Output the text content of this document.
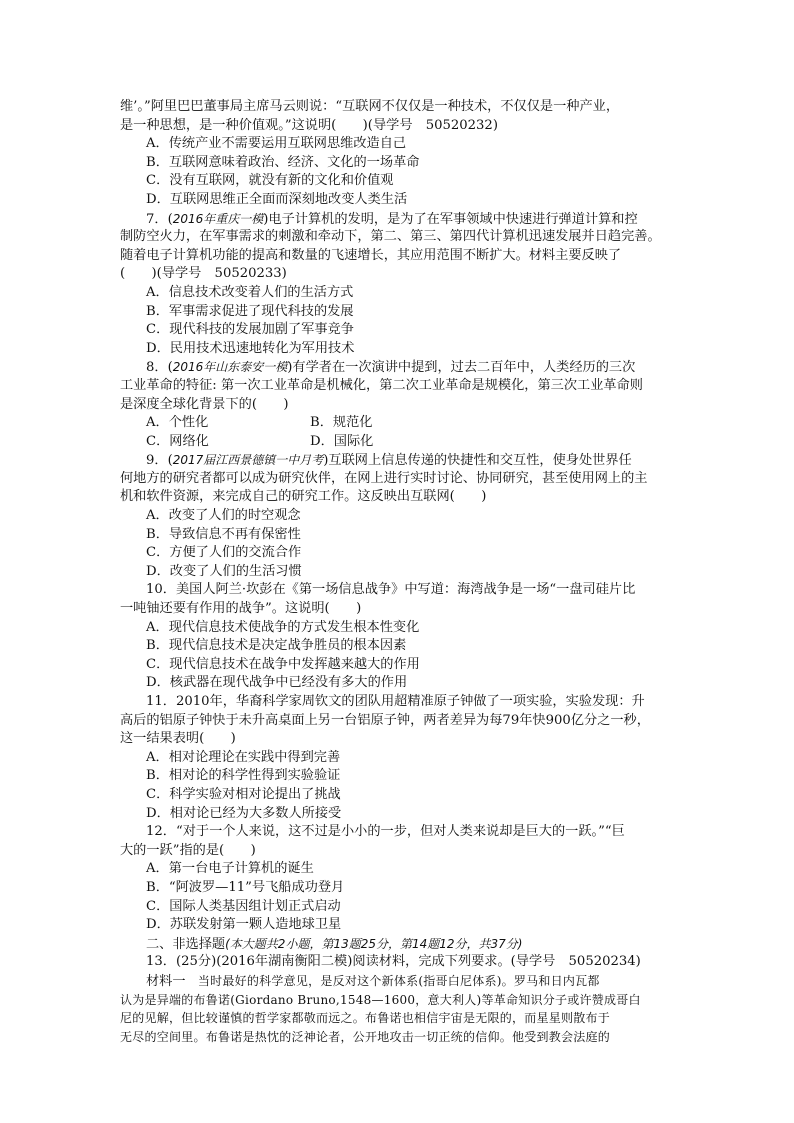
维’。”阿里巴巴董事局主席马云则说：“互联网不仅仅是一种技术，不仅仅是一种产业，
是一种思想，是一种价值观。”这说明(　　)(导学号　50520232)
A．传统产业不需要运用互联网思维改造自己
B．互联网意味着政治、经济、文化的一场革命
C．没有互联网，就没有新的文化和价值观
D．互联网思维正全面而深刻地改变人类生活
7．(2016年重庆一模)电子计算机的发明，是为了在军事领域中快速进行弹道计算和控
制防空火力，在军事需求的刺激和牵动下，第二、第三、第四代计算机迅速发展并日趋完善。
随着电子计算机功能的提高和数量的飞速增长，其应用范围不断扩大。材料主要反映了
(　　)(导学号　50520233)
A．信息技术改变着人们的生活方式
B．军事需求促进了现代科技的发展
C．现代科技的发展加剧了军事竞争
D．民用技术迅速地转化为军用技术
8．(2016年山东泰安一模)有学者在一次演讲中提到，过去二百年中，人类经历的三次
工业革命的特征: 第一次工业革命是机械化，第二次工业革命是规模化，第三次工业革命则
是深度全球化背景下的(　　)
A．个性化	B．规范化
C．网络化	D．国际化
9．(2017届江西景德镇一中月考)互联网上信息传递的快捷性和交互性，使身处世界任
何地方的研究者都可以成为研究伙伴，在网上进行实时讨论、协同研究，甚至使用网上的主
机和软件资源，来完成自己的研究工作。这反映出互联网(　　)
A．改变了人们的时空观念
B．导致信息不再有保密性
C．方便了人们的交流合作
D．改变了人们的生活习惯
10．美国人阿兰·坎彭在《第一场信息战争》中写道：海湾战争是一场“一盘司硅片比
一吨铀还要有作用的战争”。这说明(　　)
A．现代信息技术使战争的方式发生根本性变化
B．现代信息技术是决定战争胜员的根本因素
C．现代信息技术在战争中发挥越来越大的作用
D．核武器在现代战争中已经没有多大的作用
11．2010年，华裔科学家周钦文的团队用超精准原子钟做了一项实验，实验发现：升
高后的铝原子钟快于未升高桌面上另一台铝原子钟，两者差异为每79年快900亿分之一秒，
这一结果表明(　　)
A．相对论理论在实践中得到完善
B．相对论的科学性得到实验验证
C．科学实验对相对论提出了挑战
D．相对论已经为大多数人所接受
12．“对于一个人来说，这不过是小小的一步，但对人类来说却是巨大的一跃。”“巨
大的一跃”指的是(　　)
A．第一台电子计算机的诞生
B．“阿波罗—11”号飞船成功登月
C．国际人类基因组计划正式启动
D．苏联发射第一颗人造地球卫星
二、非选择题(本大题共2小题，第13题25分，第14题12分，共37分)
13．(25分)(2016年湖南衡阳二模)阅读材料，完成下列要求。(导学号　50520234)
材料一　当时最好的科学意见，是反对这个新体系(指哥白尼体系)。罗马和日内瓦都
认为是异端的布鲁诺(Giordano Bruno,1548—1600，意大利人)等革命知识分子或许赞成哥白
尼的见解，但比较谨慎的哲学家都敬而远之。布鲁诺也相信宇宙是无限的，而星星则散布于
无尽的空间里。布鲁诺是热忱的泛神论者，公开地攻击一切正统的信仰。他受到教会法庭的
